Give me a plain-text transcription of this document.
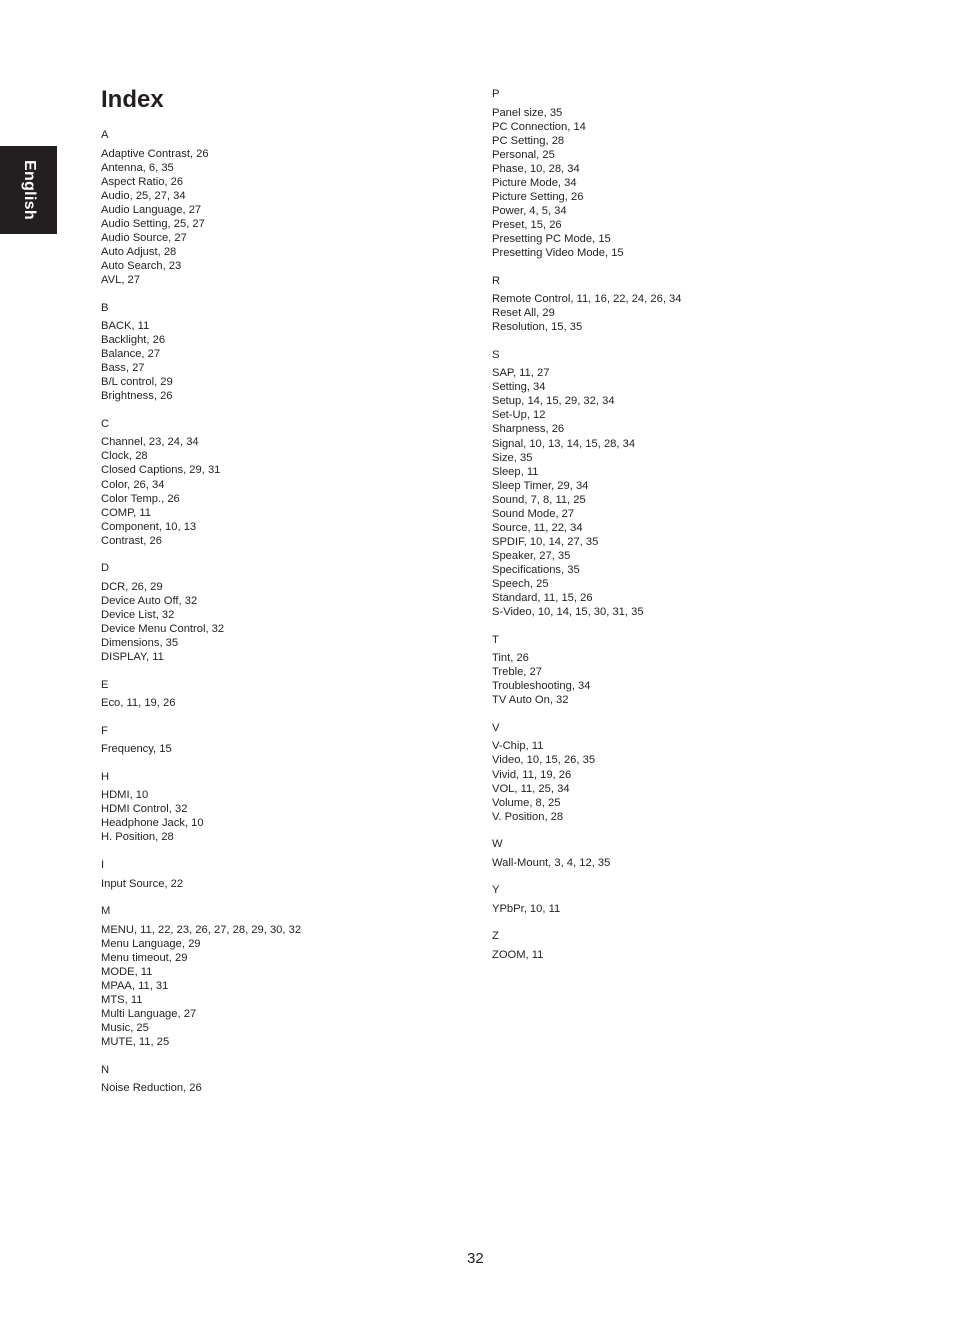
English
Index
A
Adaptive Contrast, 26
Antenna, 6, 35
Aspect Ratio, 26
Audio, 25, 27, 34
Audio Language, 27
Audio Setting, 25, 27
Audio Source, 27
Auto Adjust, 28
Auto Search, 23
AVL, 27
B
BACK, 11
Backlight, 26
Balance, 27
Bass, 27
B/L control, 29
Brightness, 26
C
Channel, 23, 24, 34
Clock, 28
Closed Captions, 29, 31
Color, 26, 34
Color Temp., 26
COMP, 11
Component, 10, 13
Contrast, 26
D
DCR, 26, 29
Device Auto Off, 32
Device List, 32
Device Menu Control, 32
Dimensions, 35
DISPLAY, 11
E
Eco, 11, 19, 26
F
Frequency, 15
H
HDMI, 10
HDMI Control, 32
Headphone Jack, 10
H. Position, 28
I
Input Source, 22
M
MENU, 11, 22, 23, 26, 27, 28, 29, 30, 32
Menu Language, 29
Menu timeout, 29
MODE, 11
MPAA, 11, 31
MTS, 11
Multi Language, 27
Music, 25
MUTE, 11, 25
N
Noise Reduction, 26
P
Panel size, 35
PC Connection, 14
PC Setting, 28
Personal, 25
Phase, 10, 28, 34
Picture Mode, 34
Picture Setting, 26
Power, 4, 5, 34
Preset, 15, 26
Presetting PC Mode, 15
Presetting Video Mode, 15
R
Remote Control, 11, 16, 22, 24, 26, 34
Reset All, 29
Resolution, 15, 35
S
SAP, 11, 27
Setting, 34
Setup, 14, 15, 29, 32, 34
Set-Up, 12
Sharpness, 26
Signal, 10, 13, 14, 15, 28, 34
Size, 35
Sleep, 11
Sleep Timer, 29, 34
Sound, 7, 8, 11, 25
Sound Mode, 27
Source, 11, 22, 34
SPDIF, 10, 14, 27, 35
Speaker, 27, 35
Specifications, 35
Speech, 25
Standard, 11, 15, 26
S-Video, 10, 14, 15, 30, 31, 35
T
Tint, 26
Treble, 27
Troubleshooting, 34
TV Auto On, 32
V
V-Chip, 11
Video, 10, 15, 26, 35
Vivid, 11, 19, 26
VOL, 11, 25, 34
Volume, 8, 25
V. Position, 28
W
Wall-Mount, 3, 4, 12, 35
Y
YPbPr, 10, 11
Z
ZOOM, 11
32
